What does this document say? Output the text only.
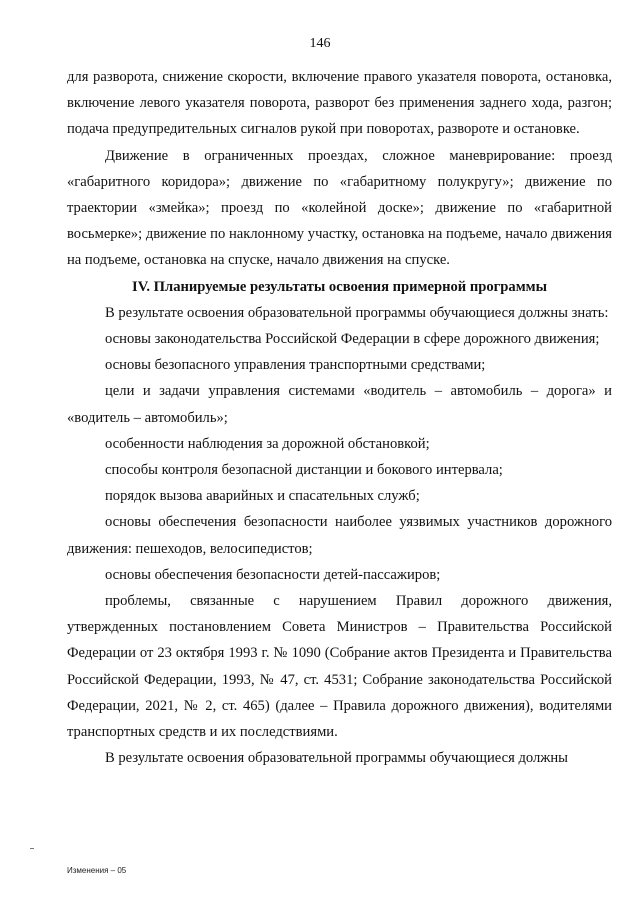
146

для разворота, снижение скорости, включение правого указателя поворота, остановка, включение левого указателя поворота, разворот без применения заднего хода, разгон; подача предупредительных сигналов рукой при поворотах, развороте и остановке.

Движение в ограниченных проездах, сложное маневрирование: проезд «габаритного коридора»; движение по «габаритному полукругу»; движение по траектории «змейка»; проезд по «колейной доске»; движение по «габаритной восьмерке»; движение по наклонному участку, остановка на подъеме, начало движения на подъеме, остановка на спуске, начало движения на спуске.

IV. Планируемые результаты освоения примерной программы

В результате освоения образовательной программы обучающиеся должны знать:

основы законодательства Российской Федерации в сфере дорожного движения;

основы безопасного управления транспортными средствами;

цели и задачи управления системами «водитель – автомобиль – дорога» и «водитель – автомобиль»;

особенности наблюдения за дорожной обстановкой;

способы контроля безопасной дистанции и бокового интервала;

порядок вызова аварийных и спасательных служб;

основы обеспечения безопасности наиболее уязвимых участников дорожного движения: пешеходов, велосипедистов;

основы обеспечения безопасности детей-пассажиров;

проблемы, связанные с нарушением Правил дорожного движения, утвержденных постановлением Совета Министров – Правительства Российской Федерации от 23 октября 1993 г. № 1090 (Собрание актов Президента и Правительства Российской Федерации, 1993, № 47, ст. 4531; Собрание законодательства Российской Федерации, 2021, № 2, ст. 465) (далее – Правила дорожного движения), водителями транспортных средств и их последствиями.

В результате освоения образовательной программы обучающиеся должны

Изменения – 05
